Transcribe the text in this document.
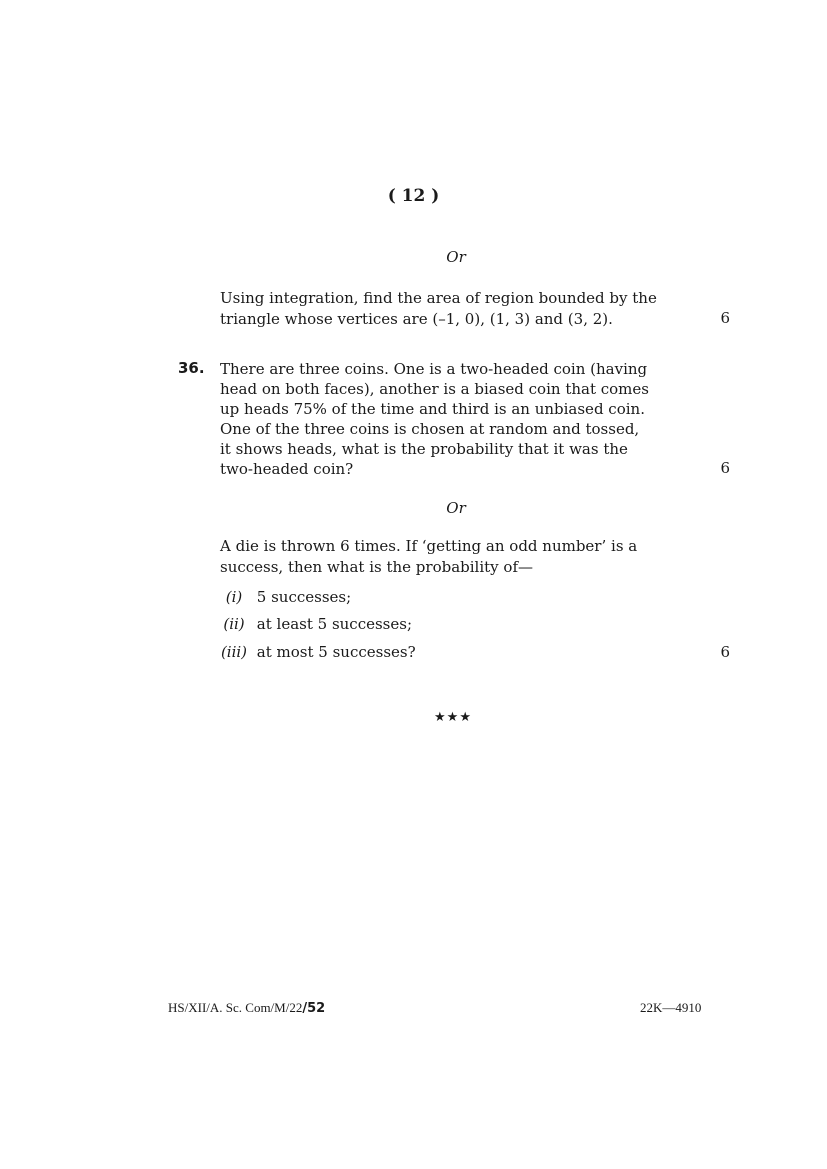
( 12 )
Or
Using integration, find the area of region bounded by the
triangle whose vertices are (–1, 0), (1, 3) and (3, 2).	6
36. There are three coins. One is a two-headed coin (having
head on both faces), another is a biased coin that comes
up heads 75% of the time and third is an unbiased coin.
One of the three coins is chosen at random and tossed,
it shows heads, what is the probability that it was the
two-headed coin?	6
Or
A die is thrown 6 times. If ‘getting an odd number’ is a
success, then what is the probability of—
(i) 5 successes;
(ii) at least 5 successes;
(iii) at most 5 successes?	6
★★★
HS/XII/A. Sc. Com/M/22/52	22K—4910
